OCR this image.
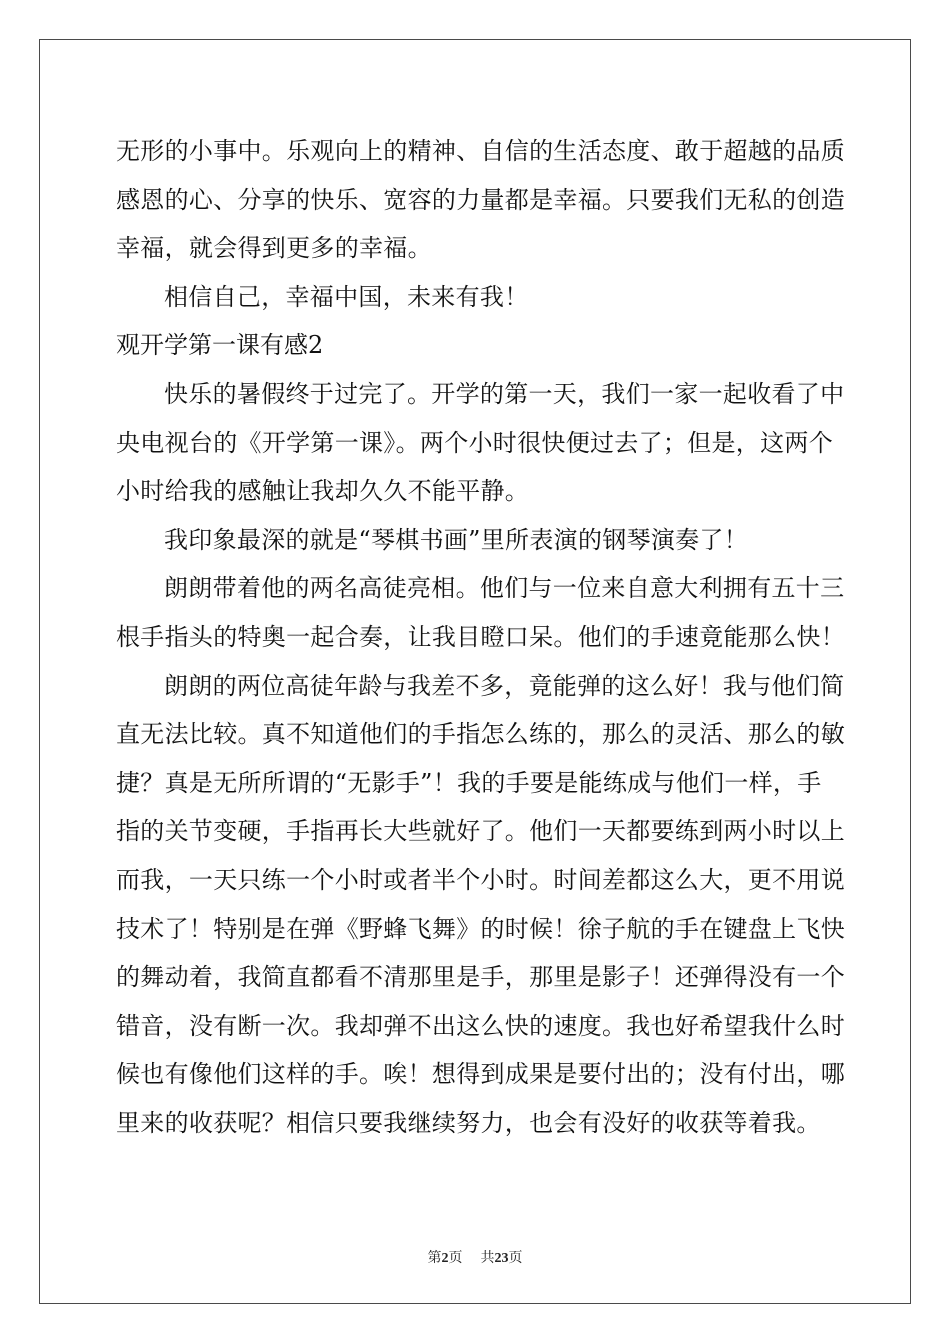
无形的小事中。乐观向上的精神、自信的生活态度、敢于超越的品质
感恩的心、分享的快乐、宽容的力量都是幸福。只要我们无私的创造
幸福，就会得到更多的幸福。
相信自己，幸福中国，未来有我！
观开学第一课有感2
快乐的暑假终于过完了。开学的第一天，我们一家一起收看了中
央电视台的《开学第一课》。两个小时很快便过去了；但是，这两个
小时给我的感触让我却久久不能平静。
我印象最深的就是“琴棋书画”里所表演的钢琴演奏了！
朗朗带着他的两名高徒亮相。他们与一位来自意大利拥有五十三
根手指头的特奥一起合奏，让我目瞪口呆。他们的手速竟能那么快！
朗朗的两位高徒年龄与我差不多，竟能弹的这么好！我与他们简
直无法比较。真不知道他们的手指怎么练的，那么的灵活、那么的敏
捷？真是无所所谓的“无影手”！我的手要是能练成与他们一样，手
指的关节变硬，手指再长大些就好了。他们一天都要练到两小时以上
而我，一天只练一个小时或者半个小时。时间差都这么大，更不用说
技术了！特别是在弹《野蜂飞舞》的时候！徐子航的手在键盘上飞快
的舞动着，我简直都看不清那里是手，那里是影子！还弹得没有一个
错音，没有断一次。我却弹不出这么快的速度。我也好希望我什么时
候也有像他们这样的手。唉！想得到成果是要付出的；没有付出，哪
里来的收获呢？相信只要我继续努力，也会有没好的收获等着我。
第2页 共23页
